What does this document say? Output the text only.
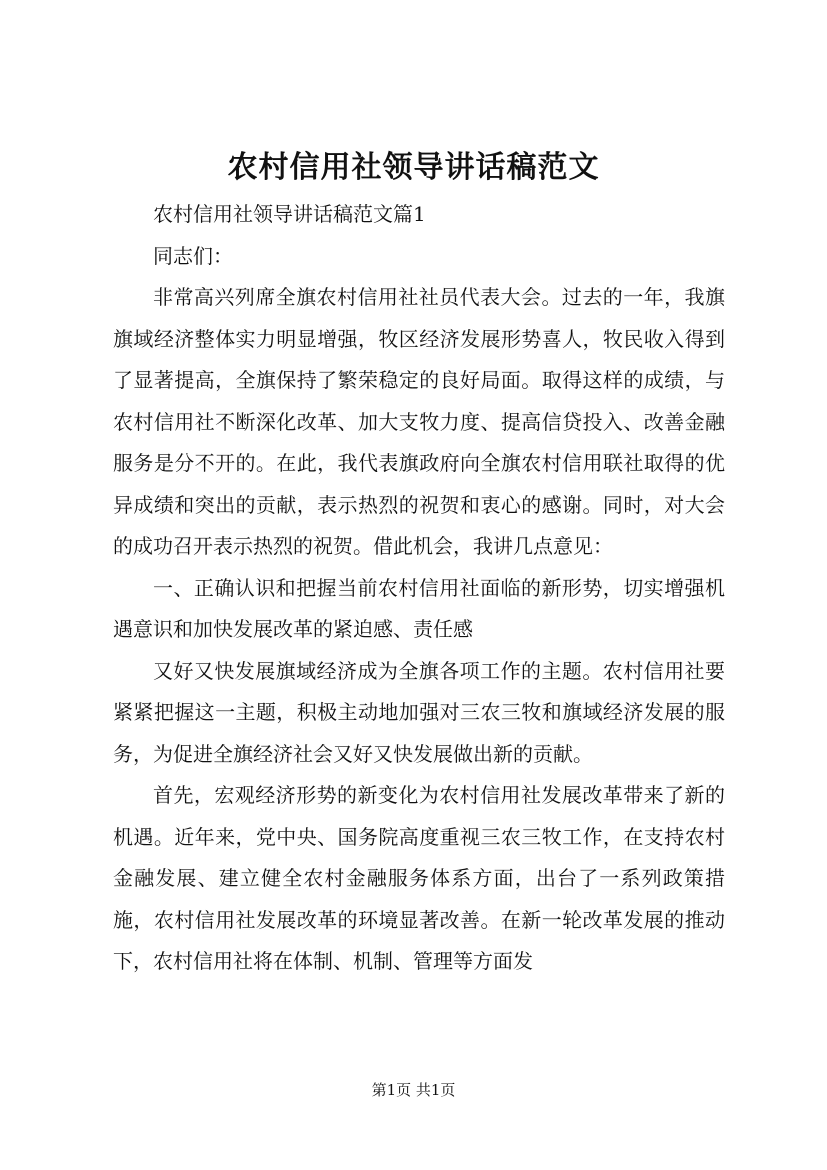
农村信用社领导讲话稿范文

农村信用社领导讲话稿范文篇1

同志们：

非常高兴列席全旗农村信用社社员代表大会。过去的一年，我旗旗域经济整体实力明显增强，牧区经济发展形势喜人，牧民收入得到了显著提高，全旗保持了繁荣稳定的良好局面。取得这样的成绩，与农村信用社不断深化改革、加大支牧力度、提高信贷投入、改善金融服务是分不开的。在此，我代表旗政府向全旗农村信用联社取得的优异成绩和突出的贡献，表示热烈的祝贺和衷心的感谢。同时，对大会的成功召开表示热烈的祝贺。借此机会，我讲几点意见：

一、正确认识和把握当前农村信用社面临的新形势，切实增强机遇意识和加快发展改革的紧迫感、责任感

又好又快发展旗域经济成为全旗各项工作的主题。农村信用社要紧紧把握这一主题，积极主动地加强对三农三牧和旗域经济发展的服务，为促进全旗经济社会又好又快发展做出新的贡献。

首先，宏观经济形势的新变化为农村信用社发展改革带来了新的机遇。近年来，党中央、国务院高度重视三农三牧工作，在支持农村金融发展、建立健全农村金融服务体系方面，出台了一系列政策措施，农村信用社发展改革的环境显著改善。在新一轮改革发展的推动下，农村信用社将在体制、机制、管理等方面发

第1页 共1页
